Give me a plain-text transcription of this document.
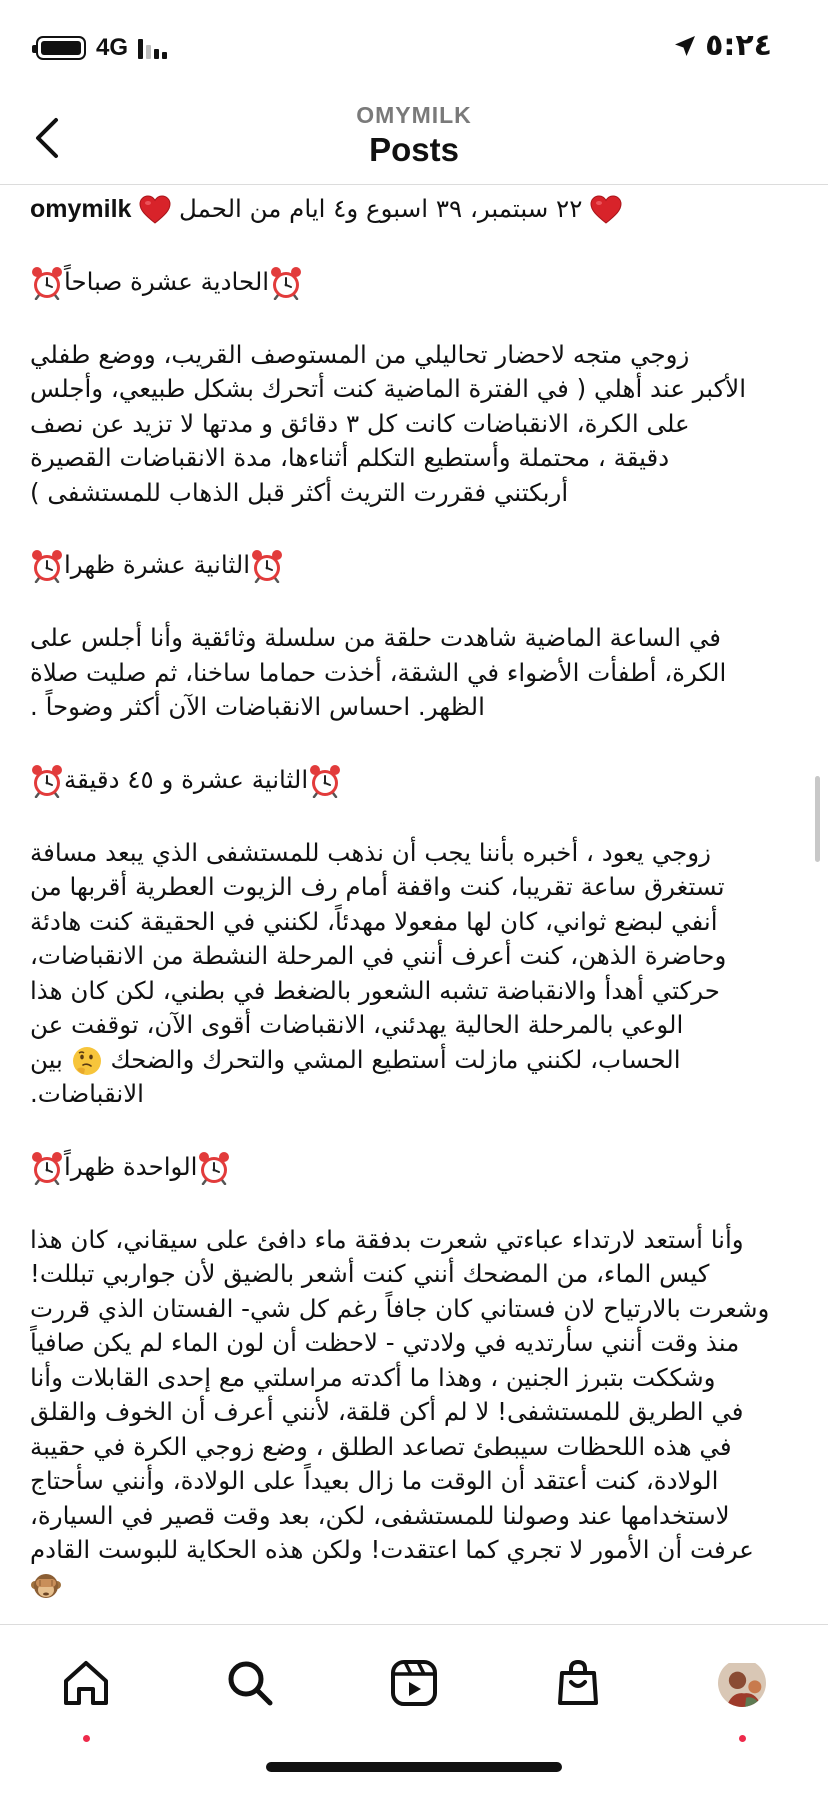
4G	٥:٢٤
OMYMILK
Posts

omymilk ٢٢ سبتمبر، ٣٩ اسبوع و٤ ايام من الحمل

الحادية عشرة صباحاً

زوجي متجه لاحضار تحاليلي من المستوصف القريب، ووضع طفلي

الأكبر عند أهلي ( في الفترة الماضية كنت أتحرك بشكل طبيعي، وأجلس

على الكرة، الانقباضات كانت كل ٣ دقائق و مدتها لا تزيد عن نصف

دقيقة ، محتملة وأستطيع التكلم أثناءها، مدة الانقباضات القصيرة

أربكتني فقررت التريث أكثر قبل الذهاب للمستشفى )

الثانية عشرة ظهرا

في الساعة الماضية شاهدت حلقة من سلسلة وثائقية وأنا أجلس على

الكرة، أطفأت الأضواء في الشقة، أخذت حماما ساخنا، ثم صليت صلاة

الظهر. احساس الانقباضات الآن أكثر وضوحاً .

الثانية عشرة و ٤٥ دقيقة

زوجي يعود ، أخبره بأننا يجب أن نذهب للمستشفى الذي يبعد مسافة

تستغرق ساعة تقريبا، كنت واقفة أمام رف الزيوت العطرية أقربها من

أنفي لبضع ثواني، كان لها مفعولا مهدئاً، لكنني في الحقيقة كنت هادئة

وحاضرة الذهن، كنت أعرف أنني في المرحلة النشطة من الانقباضات،

حركتي أهدأ والانقباضة تشبه الشعور بالضغط في بطني، لكن كان هذا

الوعي بالمرحلة الحالية يهدئني، الانقباضات أقوى الآن، توقفت عن

الحساب، لكنني مازلت أستطيع المشي والتحرك والضحك  بين

الانقباضات.

الواحدة ظهراً

وأنا أستعد لارتداء عباءتي شعرت بدفقة ماء دافئ على سيقاني، كان هذا

كيس الماء، من المضحك أنني كنت أشعر بالضيق لأن جواربي تبللت!

وشعرت بالارتياح لان فستاني كان جافاً رغم كل شي- الفستان الذي قررت

منذ وقت أنني سأرتديه في ولادتي - لاحظت أن لون الماء لم يكن صافياً

وشككت بتبرز الجنين ، وهذا ما أكدته مراسلتي مع إحدى القابلات وأنا

في الطريق للمستشفى! لا لم أكن قلقة، لأنني أعرف أن الخوف والقلق

في هذه اللحظات سيبطئ تصاعد الطلق ، وضع زوجي الكرة في حقيبة

الولادة، كنت أعتقد أن الوقت ما زال بعيداً على الولادة، وأنني سأحتاج

لاستخدامها عند وصولنا للمستشفى، لكن، بعد وقت قصير في السيارة،

عرفت أن الأمور لا تجري كما اعتقدت! ولكن هذه الحكاية للبوست القادم
